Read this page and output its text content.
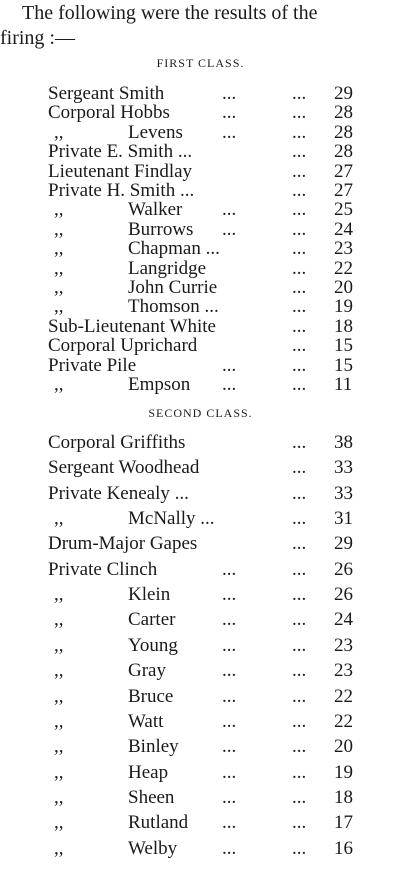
The following were the results of the
firing :—
FIRST CLASS.
Sergeant Smith	...	... 29
Corporal Hobbs	...	... 28
,,	Levens ...	... 28
Private E. Smith ...	... 28
Lieutenant Findlay	... 27
Private H. Smith ...	... 27
,,	Walker ...	... 25
,,	Burrows ...	... 24
,,	Chapman ...	... 23
,,	Langridge	... 22
,,	John Currie	... 20
,,	Thomson ...	... 19
Sub-Lieutenant White	... 18
Corporal Uprichard	... 15
Private Pile	...	... 15
,,	Empson ...	... 11
SECOND CLASS.
Corporal Griffiths	... 38
Sergeant Woodhead	... 33
Private Kenealy ...	... 33
,,	McNally ...	... 31
Drum-Major Gapes	... 29
Private Clinch	...	... 26
,,	Klein	...	... 26
,,	Carter ...	... 24
,,	Young ...	... 23
,,	Gray	...	... 23
,,	Bruce	...	... 22
,,	Watt	...	... 22
,,	Binley ...	... 20
,,	Heap	...	... 19
,,	Sheen	...	... 18
,,	Rutland ...	... 17
,,	Welby ...	... 16
